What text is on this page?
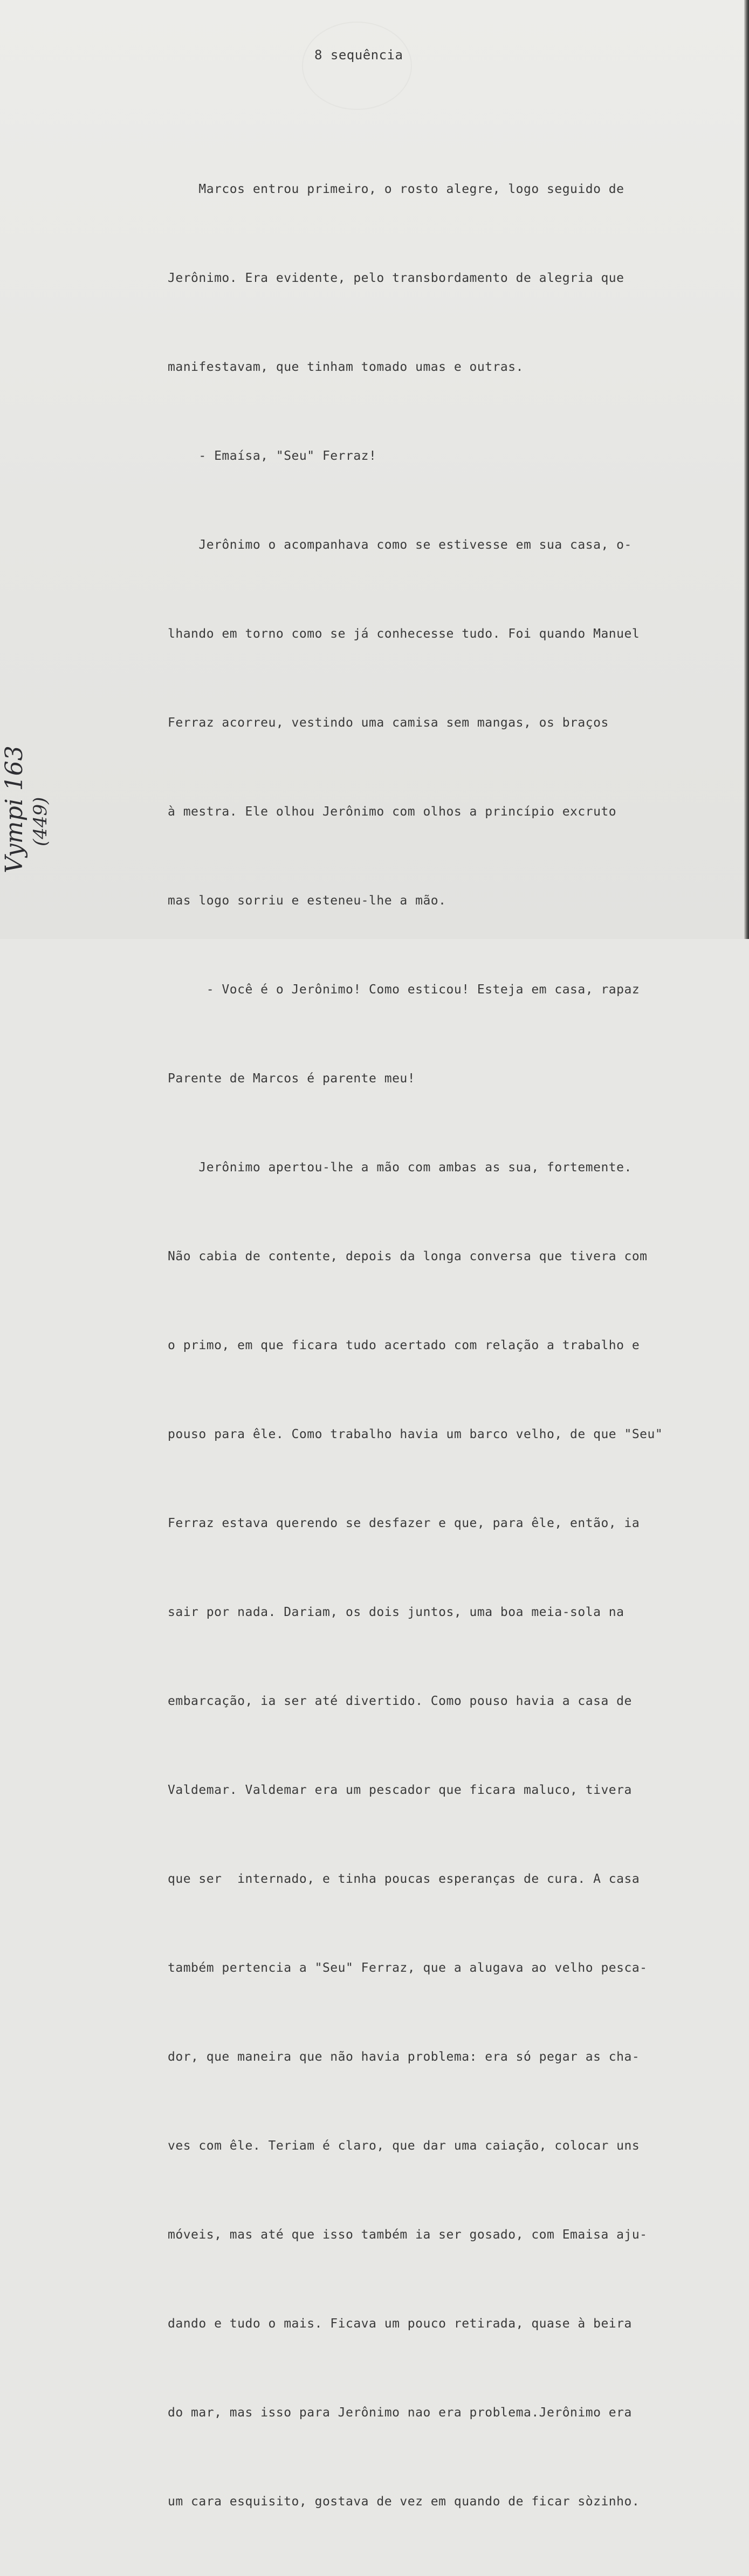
8 sequência

Marcos entrou primeiro, o rosto alegre, logo seguido de

Jerônimo. Era evidente, pelo transbordamento de alegria que

manifestavam, que tinham tomado umas e outras.

- Emaísa, "Seu" Ferraz!

Jerônimo o acompanhava como se estivesse em sua casa, o-

lhando em torno como se já conhecesse tudo. Foi quando Manuel

Ferraz acorreu, vestindo uma camisa sem mangas, os braços

à mestra. Ele olhou Jerônimo com olhos a princípio excruto

mas logo sorriu e esteneu-lhe a mão.

- Você é o Jerônimo! Como esticou! Esteja em casa, rapaz

Parente de Marcos é parente meu!

Jerônimo apertou-lhe a mão com ambas as sua, fortemente.

Não cabia de contente, depois da longa conversa que tivera com

o primo, em que ficara tudo acertado com relação a trabalho e

pouso para êle. Como trabalho havia um barco velho, de que "Seu"

Ferraz estava querendo se desfazer e que, para êle, então, ia

sair por nada. Dariam, os dois juntos, uma boa meia-sola na

embarcação, ia ser até divertido. Como pouso havia a casa de

Valdemar. Valdemar era um pescador que ficara maluco, tivera

que ser  internado, e tinha poucas esperanças de cura. A casa

também pertencia a "Seu" Ferraz, que a alugava ao velho pesca-

dor, que maneira que não havia problema: era só pegar as cha-

ves com êle. Teriam é claro, que dar uma caiação, colocar uns

móveis, mas até que isso também ia ser gosado, com Emaisa aju-

dando e tudo o mais. Ficava um pouco retirada, quase à beira

do mar, mas isso para Jerônimo nao era problema.Jerônimo era

um cara esquisito, gostava de vez em quando de ficar sòzinho.

Vympi 163 (449)
